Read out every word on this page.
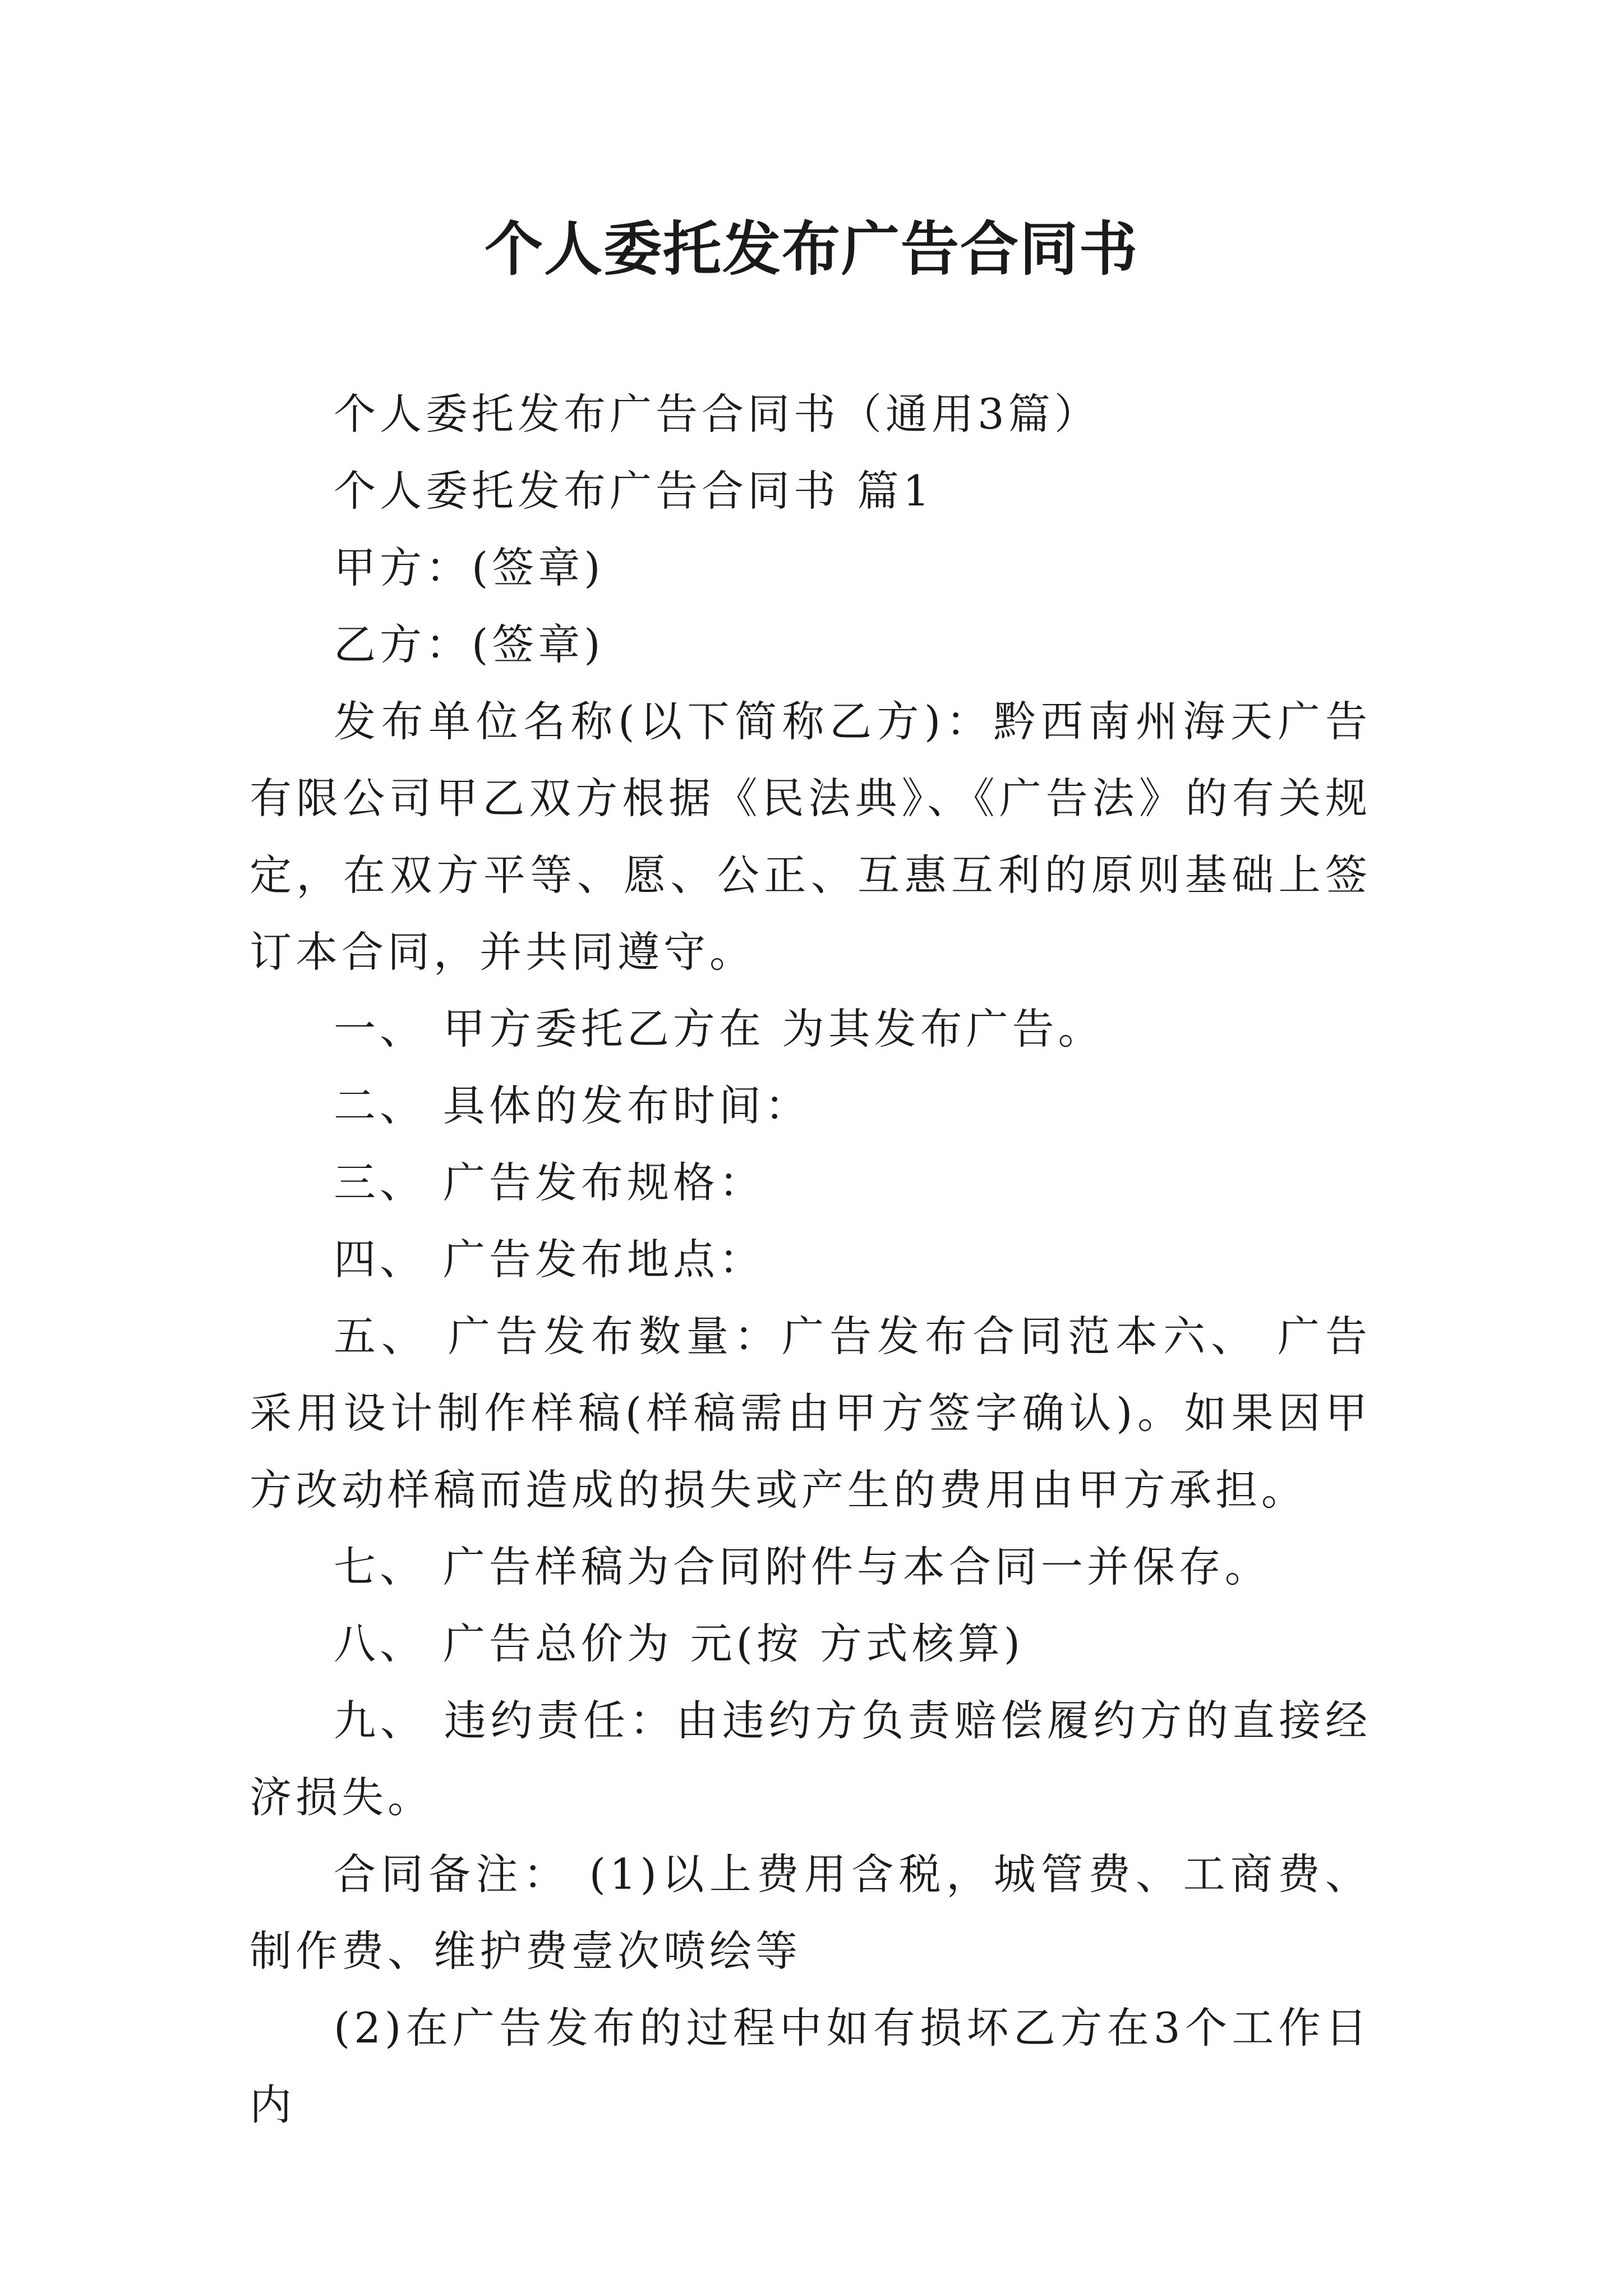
个人委托发布广告合同书

个人委托发布广告合同书（通用3篇）

个人委托发布广告合同书 篇1

甲方：(签章)

乙方：(签章)

发布单位名称(以下简称乙方)：黔西南州海天广告有限公司甲乙双方根据《民法典》、《广告法》的有关规定，在双方平等、愿、公正、互惠互利的原则基础上签订本合同，并共同遵守。

一、 甲方委托乙方在 为其发布广告。

二、 具体的发布时间：

三、 广告发布规格：

四、 广告发布地点：

五、 广告发布数量：广告发布合同范本六、 广告采用设计制作样稿(样稿需由甲方签字确认)。如果因甲方改动样稿而造成的损失或产生的费用由甲方承担。

七、 广告样稿为合同附件与本合同一并保存。

八、 广告总价为 元(按 方式核算)

九、 违约责任：由违约方负责赔偿履约方的直接经济损失。

合同备注： (1)以上费用含税，城管费、工商费、制作费、维护费壹次喷绘等

(2)在广告发布的过程中如有损坏乙方在3个工作日内
